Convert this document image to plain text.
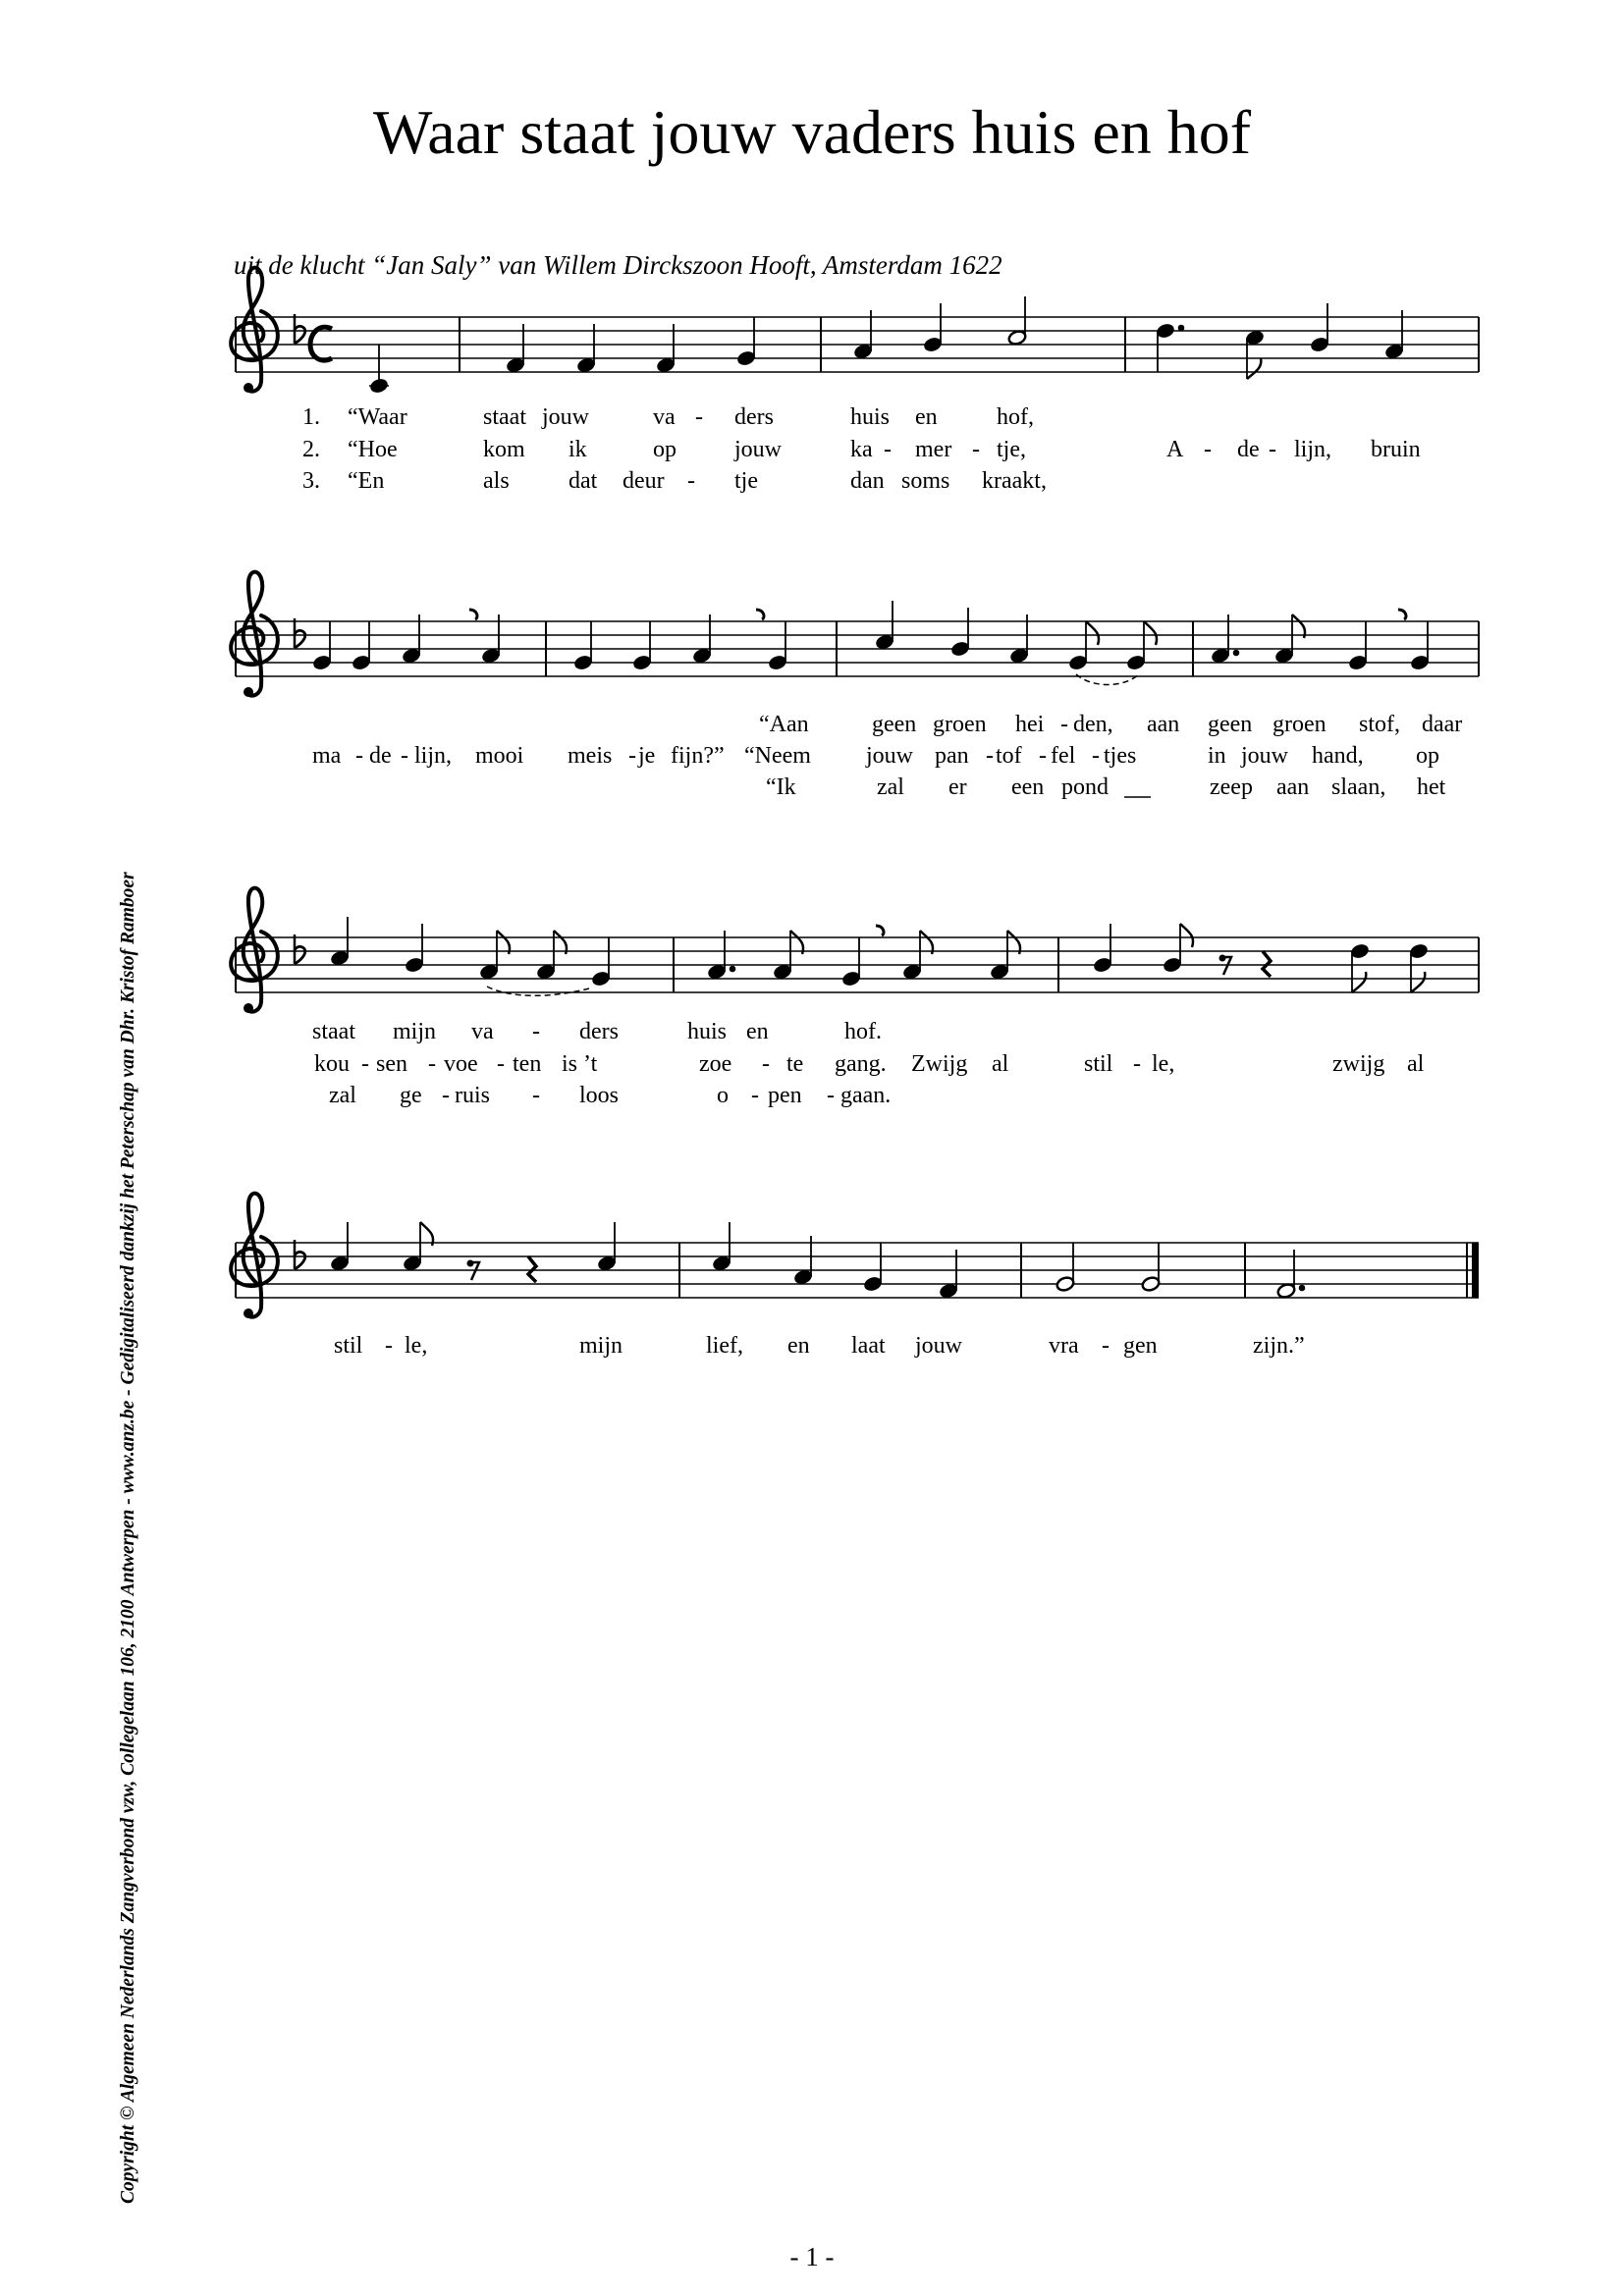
Waar staat jouw vaders huis en hof
uit de klucht “Jan Saly” van Willem Dirckszoon Hooft, Amsterdam 1622
1. “Waar	staat jouw	va - ders	huis en	hof,
2. “Hoe	kom ik	op jouw	ka - mer - tje,	A - de - lijn, bruin
3. “En	als	dat deur - tje	dan soms kraakt,
“Aan	geen groen hei - den, aan geen groen stof, daar
ma - de - lijn, mooi meis - je fijn?” “Neem jouw pan - tof - fel - tjes	in jouw hand, op
“Ik	zal er een pond	zeep aan slaan, het
staat mijn va - ders	huis en	hof.
kou - sen - voe - ten is ’t	zoe - te gang. Zwijg al	stil - le,	zwijg al
zal ge - ruis - loos	o - pen - gaan.
stil - le,	mijn	lief, en laat jouw	vra - gen	zijn.”
Copyright © Algemeen Nederlands Zangverbond vzw, Collegelaan 106, 2100 Antwerpen - www.anz.be - Gedigitaliseerd dankzij het Peterschap van Dhr. Kristof Ramboer
- 1 -
